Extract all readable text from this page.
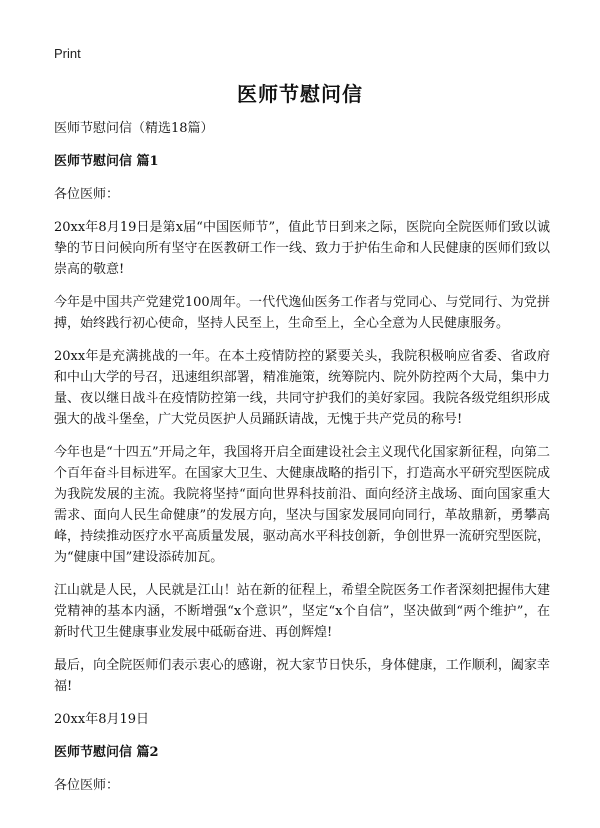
Print
医师节慰问信

医师节慰问信（精选18篇）

医师节慰问信 篇1

各位医师：

20xx年8月19日是第x届“中国医师节”，值此节日到来之际，医院向全院医师们致以诚挚的节日问候向所有坚守在医教研工作一线、致力于护佑生命和人民健康的医师们致以崇高的敬意!

今年是中国共产党建党100周年。一代代逸仙医务工作者与党同心、与党同行、为党拼搏，始终践行初心使命，坚持人民至上，生命至上，全心全意为人民健康服务。

20xx年是充满挑战的一年。在本土疫情防控的紧要关头，我院积极响应省委、省政府和中山大学的号召，迅速组织部署，精准施策，统筹院内、院外防控两个大局，集中力量、夜以继日战斗在疫情防控第一线，共同守护我们的美好家园。我院各级党组织形成强大的战斗堡垒，广大党员医护人员踊跃请战，无愧于共产党员的称号!

今年也是“十四五”开局之年，我国将开启全面建设社会主义现代化国家新征程，向第二个百年奋斗目标进军。在国家大卫生、大健康战略的指引下，打造高水平研究型医院成为我院发展的主流。我院将坚持“面向世界科技前沿、面向经济主战场、面向国家重大需求、面向人民生命健康”的发展方向，坚决与国家发展同向同行，革故鼎新，勇攀高峰，持续推动医疗水平高质量发展，驱动高水平科技创新，争创世界一流研究型医院，为“健康中国”建设添砖加瓦。

江山就是人民，人民就是江山！站在新的征程上，希望全院医务工作者深刻把握伟大建党精神的基本内涵，不断增强“x个意识”，坚定“x个自信”，坚决做到“两个维护”，在新时代卫生健康事业发展中砥砺奋进、再创辉煌!

最后，向全院医师们表示衷心的感谢，祝大家节日快乐，身体健康，工作顺利，阖家幸福!

20xx年8月19日

医师节慰问信 篇2

各位医师：
